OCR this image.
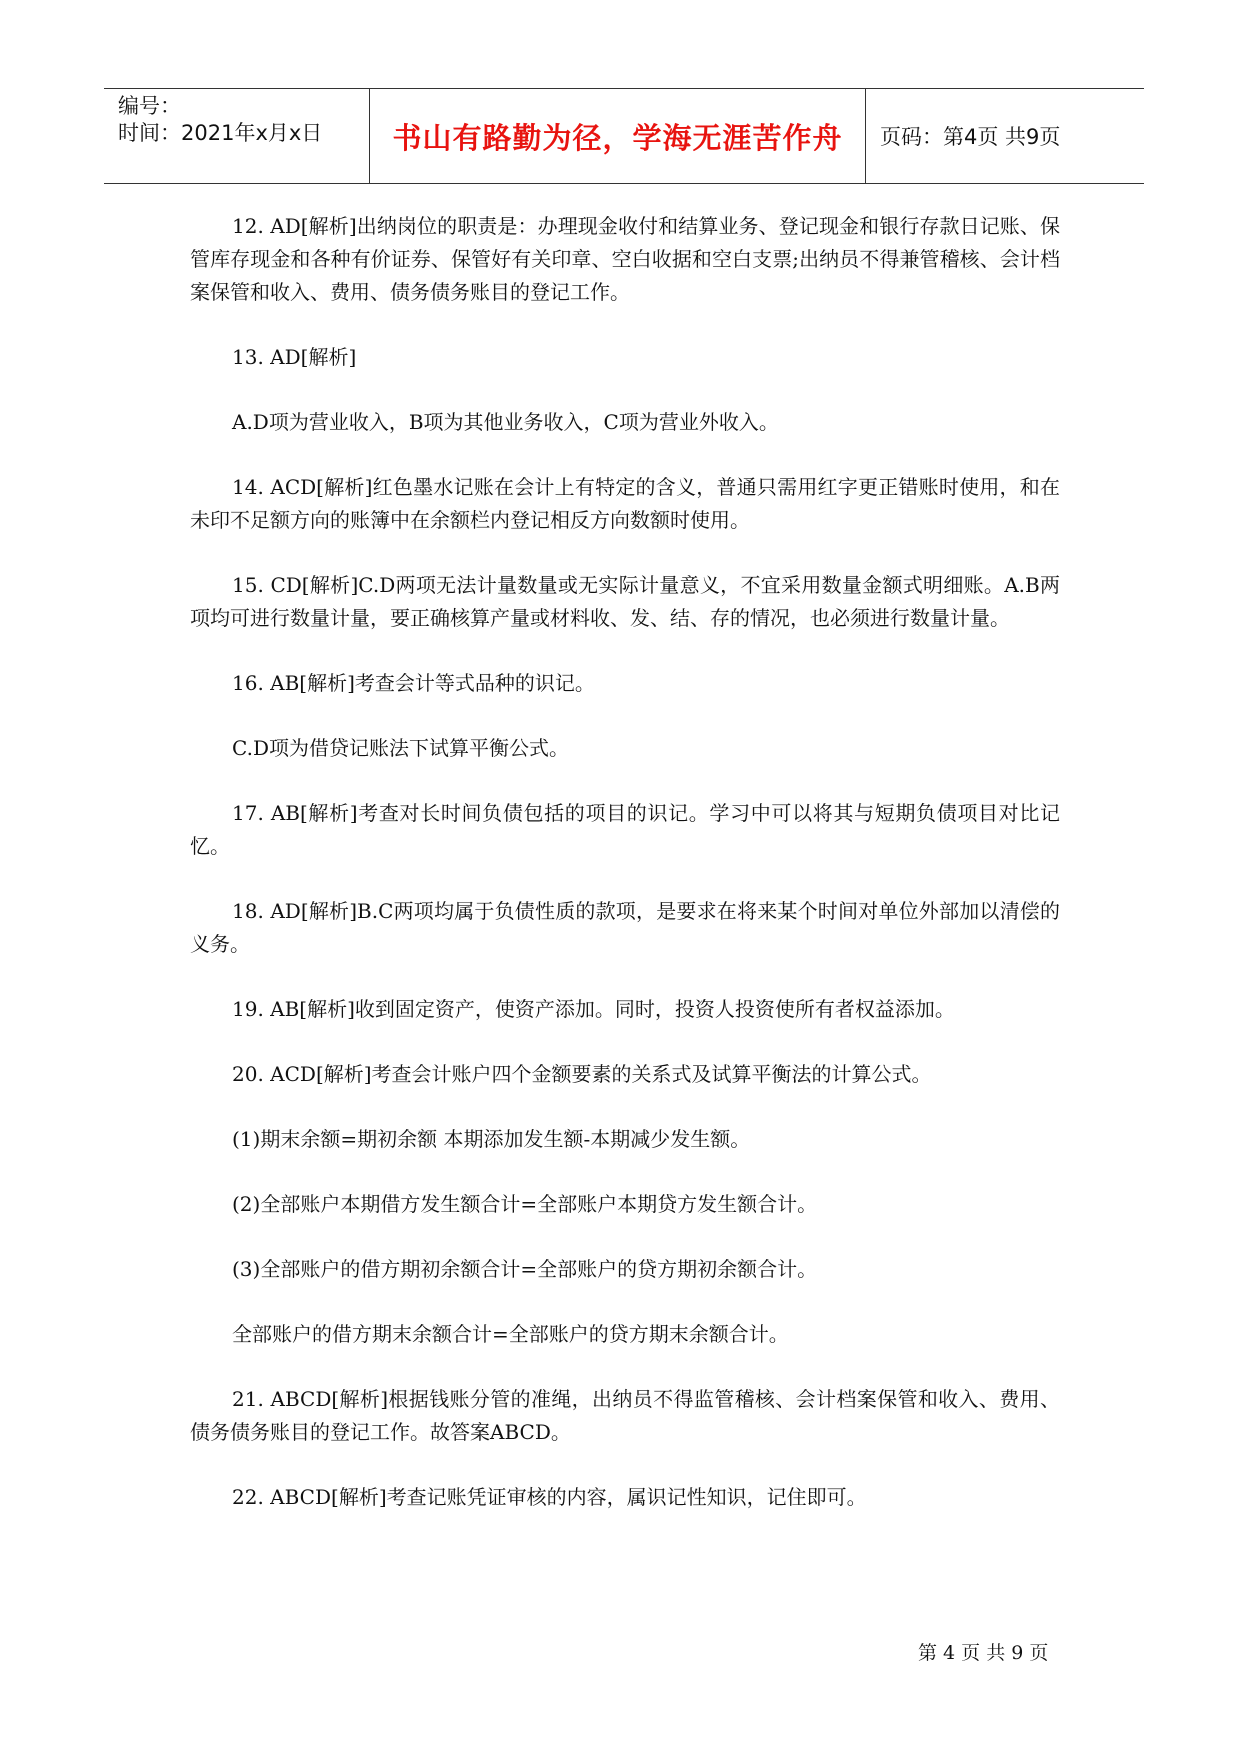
编号：
时间：2021年x月x日	书山有路勤为径，学海无涯苦作舟	页码：第4页 共9页

12. AD[解析]出纳岗位的职责是：办理现金收付和结算业务、登记现金和银行存款日记账、保管库存现金和各种有价证券、保管好有关印章、空白收据和空白支票;出纳员不得兼管稽核、会计档案保管和收入、费用、债务债务账目的登记工作。

13. AD[解析]

A.D项为营业收入，B项为其他业务收入，C项为营业外收入。

14. ACD[解析]红色墨水记账在会计上有特定的含义，普通只需用红字更正错账时使用，和在未印不足额方向的账簿中在余额栏内登记相反方向数额时使用。

15. CD[解析]C.D两项无法计量数量或无实际计量意义，不宜采用数量金额式明细账。A.B两项均可进行数量计量，要正确核算产量或材料收、发、结、存的情况，也必须进行数量计量。

16. AB[解析]考查会计等式品种的识记。

C.D项为借贷记账法下试算平衡公式。

17. AB[解析]考查对长时间负债包括的项目的识记。学习中可以将其与短期负债项目对比记忆。

18. AD[解析]B.C两项均属于负债性质的款项，是要求在将来某个时间对单位外部加以清偿的义务。

19. AB[解析]收到固定资产，使资产添加。同时，投资人投资使所有者权益添加。

20. ACD[解析]考查会计账户四个金额要素的关系式及试算平衡法的计算公式。

(1)期末余额=期初余额 本期添加发生额-本期减少发生额。

(2)全部账户本期借方发生额合计=全部账户本期贷方发生额合计。

(3)全部账户的借方期初余额合计=全部账户的贷方期初余额合计。

全部账户的借方期末余额合计=全部账户的贷方期末余额合计。

21. ABCD[解析]根据钱账分管的准绳，出纳员不得监管稽核、会计档案保管和收入、费用、债务债务账目的登记工作。故答案ABCD。

22. ABCD[解析]考查记账凭证审核的内容，属识记性知识，记住即可。

第 4 页 共 9 页
